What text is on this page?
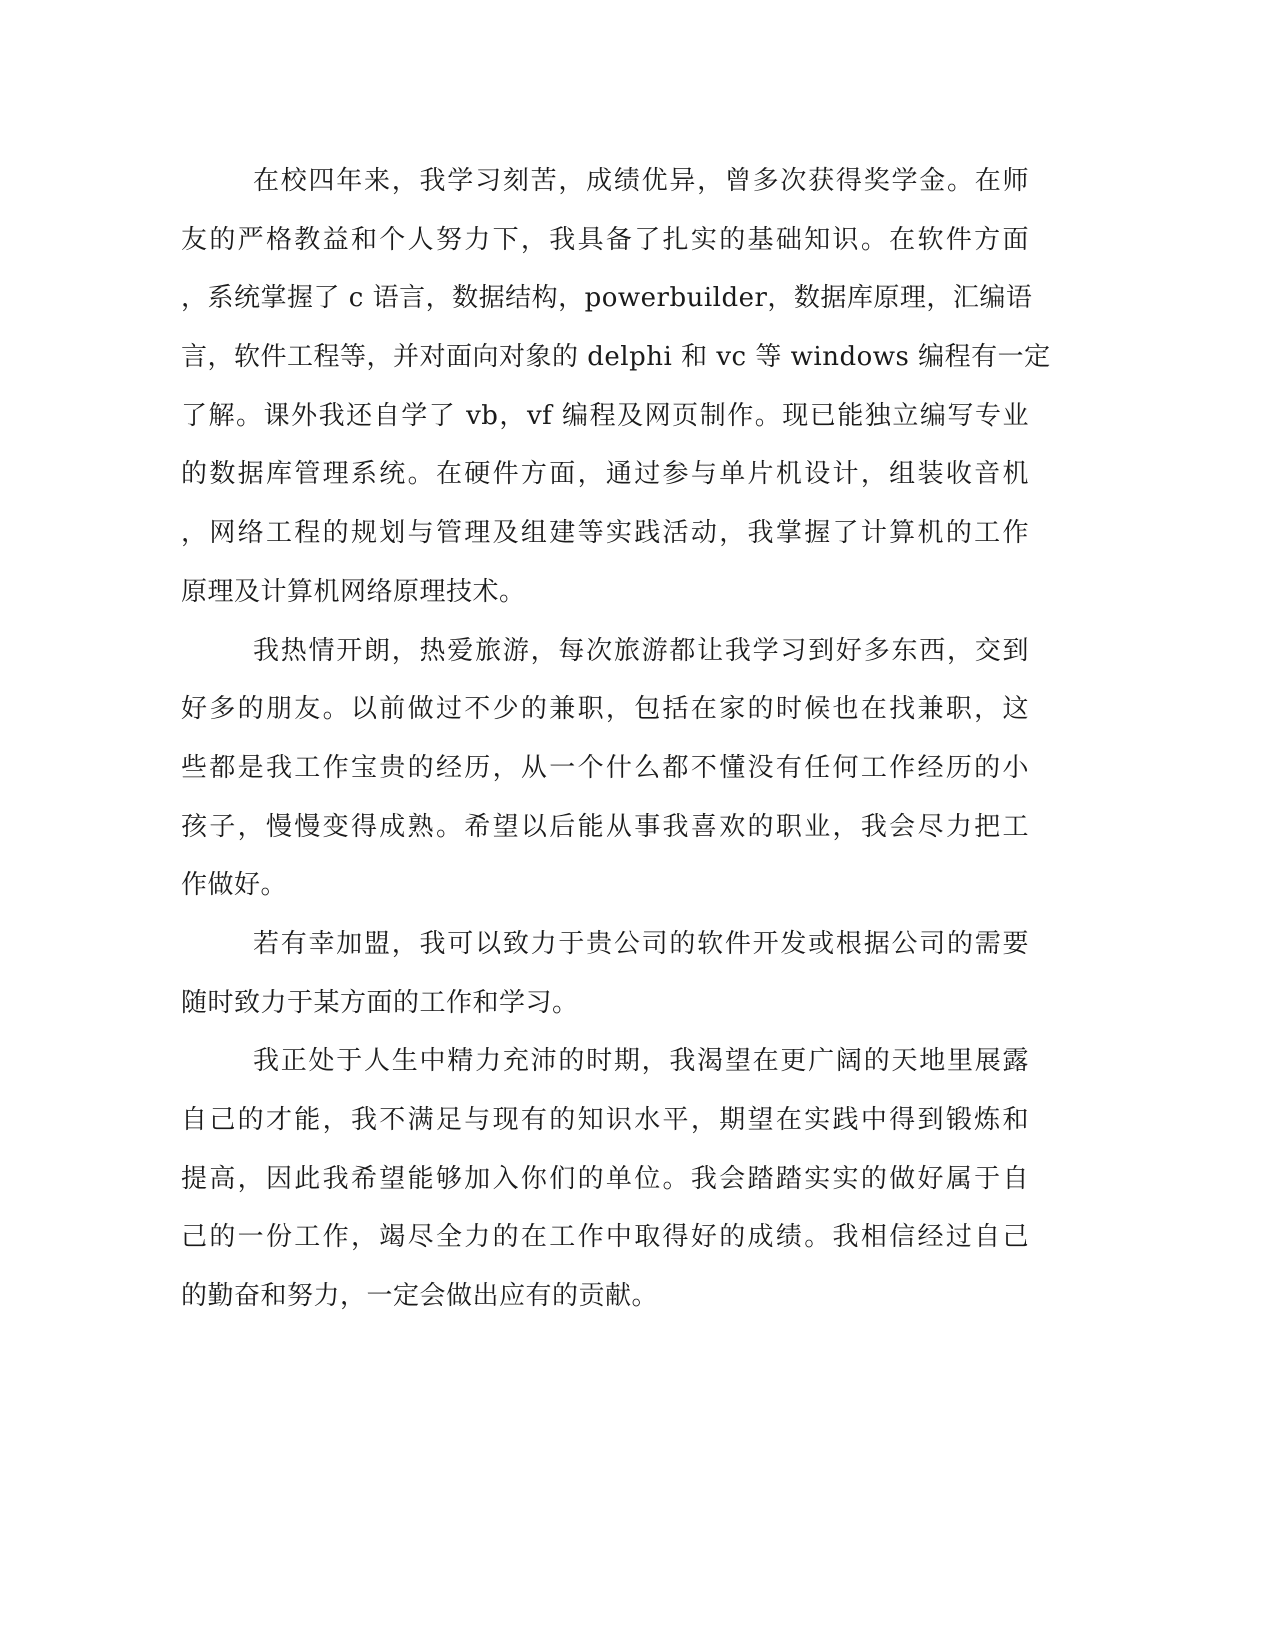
在校四年来，我学习刻苦，成绩优异，曾多次获得奖学金。在师
友的严格教益和个人努力下，我具备了扎实的基础知识。在软件方面
，系统掌握了 c 语言，数据结构，powerbuilder，数据库原理，汇编语
言，软件工程等，并对面向对象的 delphi 和 vc 等 windows 编程有一定
了解。课外我还自学了 vb，vf 编程及网页制作。现已能独立编写专业
的数据库管理系统。在硬件方面，通过参与单片机设计，组装收音机
，网络工程的规划与管理及组建等实践活动，我掌握了计算机的工作
原理及计算机网络原理技术。
我热情开朗，热爱旅游，每次旅游都让我学习到好多东西，交到
好多的朋友。以前做过不少的兼职，包括在家的时候也在找兼职，这
些都是我工作宝贵的经历，从一个什么都不懂没有任何工作经历的小
孩子，慢慢变得成熟。希望以后能从事我喜欢的职业，我会尽力把工
作做好。
若有幸加盟，我可以致力于贵公司的软件开发或根据公司的需要
随时致力于某方面的工作和学习。
我正处于人生中精力充沛的时期，我渴望在更广阔的天地里展露
自己的才能，我不满足与现有的知识水平，期望在实践中得到锻炼和
提高，因此我希望能够加入你们的单位。我会踏踏实实的做好属于自
己的一份工作，竭尽全力的在工作中取得好的成绩。我相信经过自己
的勤奋和努力，一定会做出应有的贡献。
